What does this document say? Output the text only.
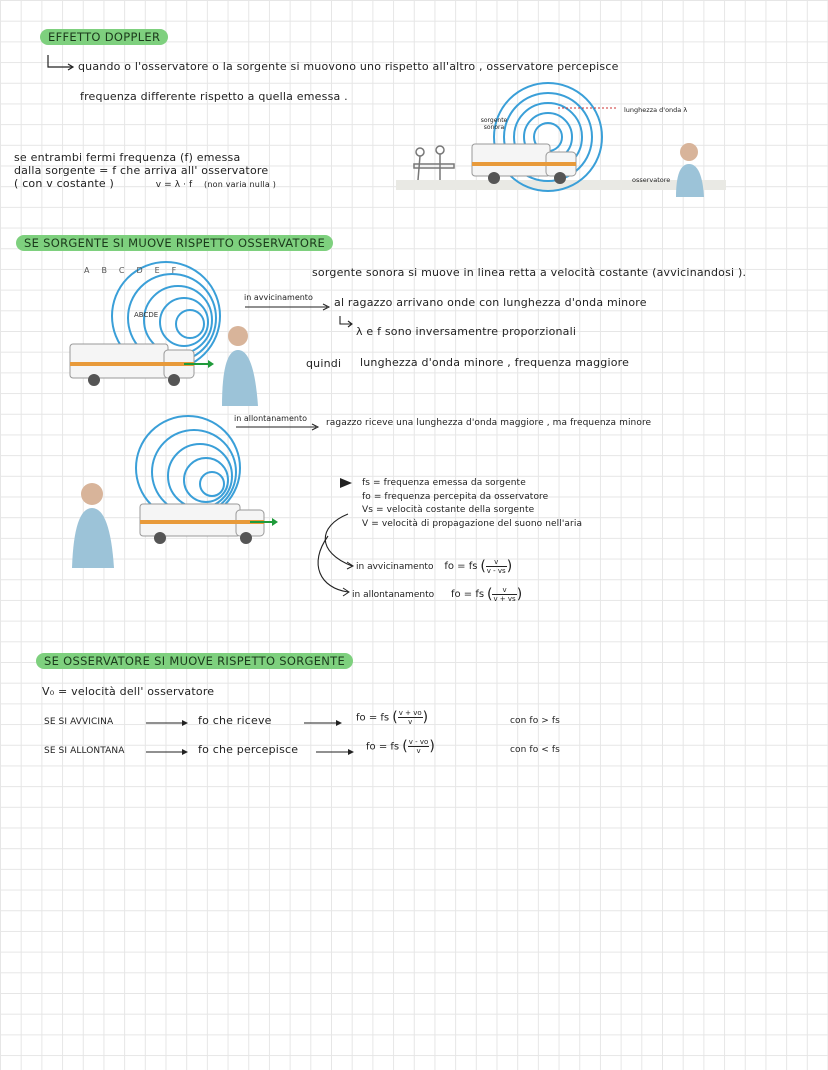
EFFETTO DOPPLER
quando o l'osservatore o la sorgente si muovono uno rispetto all'altro , osservatore percepisce
frequenza differente rispetto a quella emessa .
se entrambi fermi frequenza (f) emessa
dalla sorgente = f che arriva all' osservatore
( con v costante )	v = λ · f (non varia nulla )
sorgente sonora
lunghezza d'onda λ
osservatore
SE SORGENTE SI MUOVE RISPETTO OSSERVATORE
ABCDEF
ABCDE
sorgente sonora si muove in linea retta a velocità costante (avvicinandosi ).
in avvicinamento al ragazzo arrivano onde con lunghezza d'onda minore
λ e f sono inversamentre proporzionali
quindi lunghezza d'onda minore , frequenza maggiore
in allontanamento ragazzo riceve una lunghezza d'onda maggiore , ma frequenza minore
fs = frequenza emessa da sorgente
fo = frequenza percepita da osservatore
Vs = velocità costante della sorgente
V = velocità di propagazione del suono nell'aria
in avvicinamento fo = fs ( $\frac{v}{v - vs}$ )
in allontanamento fo = fs ( $\frac{v}{v + vs}$ )
SE OSSERVATORE SI MUOVE RISPETTO SORGENTE
V₀ = velocità dell' osservatore
SE SI AVVICINA	fo che riceve	fo = fs ( $\frac{v + vo}{v}$ )	con fo > fs
SE SI ALLONTANA	fo che percepisce	fo = fs ( $\frac{v - vo}{v}$ )	con fo < fs
